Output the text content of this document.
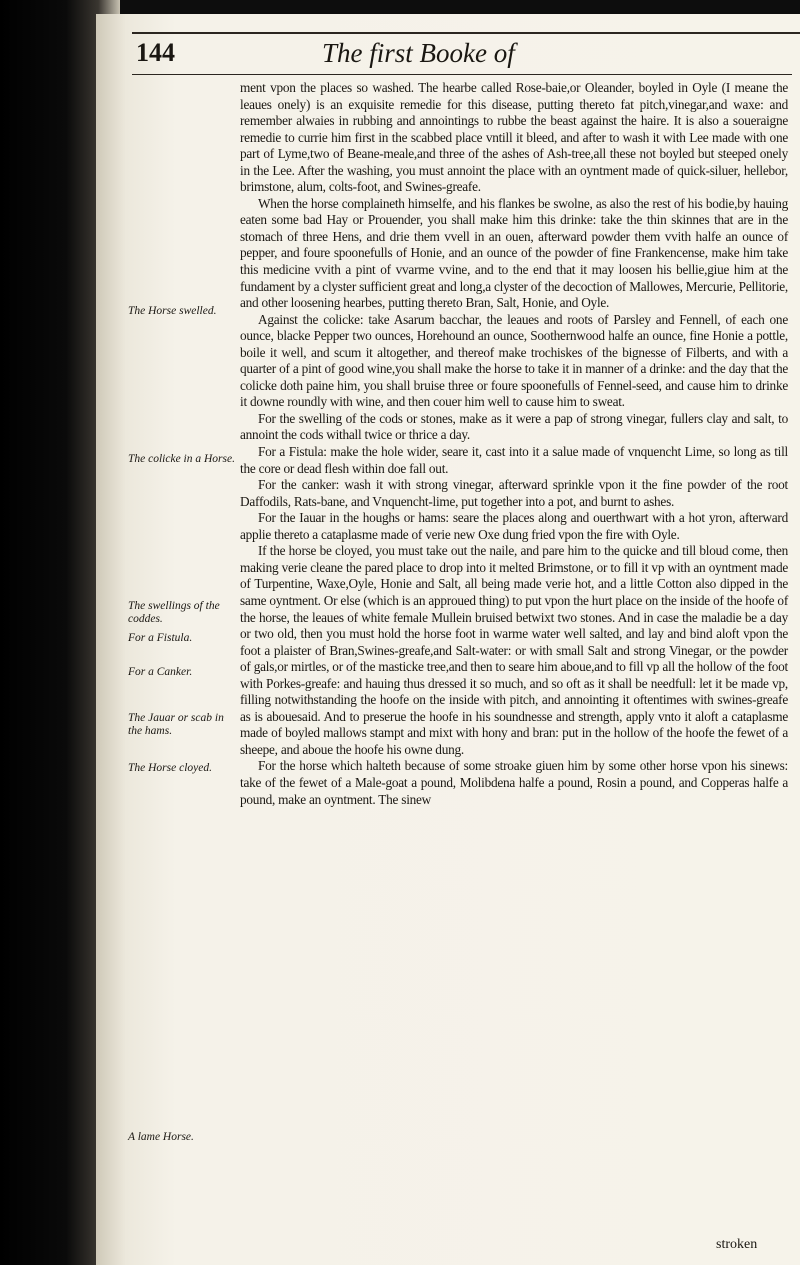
144	The first Booke of
The Horse swelled.
The colicke in a Horse.
The swellings of the coddes.
For a Fistula.
For a Canker.
The Jauar or scab in the hams.
The Horse cloyed.
A lame Horse.

ment vpon the places so washed. The hearbe called Rose-baie,or Oleander, boyled in Oyle (I meane the leaues onely) is an exquisite remedie for this disease, putting thereto fat pitch,vinegar,and waxe: and remember alwaies in rubbing and annointings to rubbe the beast against the haire. It is also a soueraigne remedie to currie him first in the scabbed place vntill it bleed, and after to wash it with Lee made with one part of Lyme,two of Beane-meale,and three of the ashes of Ash-tree,all these not boyled but steeped onely in the Lee. After the washing, you must annoint the place with an oyntment made of quick-siluer, hellebor, brimstone, alum, colts-foot, and Swines-greafe.

When the horse complaineth himselfe, and his flankes be swolne, as also the rest of his bodie,by hauing eaten some bad Hay or Prouender, you shall make him this drinke: take the thin skinnes that are in the stomach of three Hens, and drie them vvell in an ouen, afterward powder them vvith halfe an ounce of pepper, and foure spoonefulls of Honie, and an ounce of the powder of fine Frankencense, make him take this medicine vvith a pint of vvarme vvine, and to the end that it may loosen his bellie,giue him at the fundament by a clyster sufficient great and long,a clyster of the decoction of Mallowes, Mercurie, Pellitorie, and other loosening hearbes, putting thereto Bran, Salt, Honie, and Oyle.

Against the colicke: take Asarum bacchar, the leaues and roots of Parsley and Fennell, of each one ounce, blacke Pepper two ounces, Horehound an ounce, Soothernwood halfe an ounce, fine Honie a pottle, boile it well, and scum it altogether, and thereof make trochiskes of the bignesse of Filberts, and with a quarter of a pint of good wine,you shall make the horse to take it in manner of a drinke: and the day that the colicke doth paine him, you shall bruise three or foure spoonefulls of Fennel-seed, and cause him to drinke it downe roundly with wine, and then couer him well to cause him to sweat.

For the swelling of the cods or stones, make as it were a pap of strong vinegar, fullers clay and salt, to annoint the cods withall twice or thrice a day.

For a Fistula: make the hole wider, seare it, cast into it a salue made of vnquencht Lime, so long as till the core or dead flesh within doe fall out.

For the canker: wash it with strong vinegar, afterward sprinkle vpon it the fine powder of the root Daffodils, Rats-bane, and Vnquencht-lime, put together into a pot, and burnt to ashes.

For the Iauar in the houghs or hams: seare the places along and ouerthwart with a hot yron, afterward applie thereto a cataplasme made of verie new Oxe dung fried vpon the fire with Oyle.

If the horse be cloyed, you must take out the naile, and pare him to the quicke and till bloud come, then making verie cleane the pared place to drop into it melted Brimstone, or to fill it vp with an oyntment made of Turpentine, Waxe,Oyle, Honie and Salt, all being made verie hot, and a little Cotton also dipped in the same oyntment. Or else (which is an approued thing) to put vpon the hurt place on the inside of the hoofe of the horse, the leaues of white female Mullein bruised betwixt two stones. And in case the maladie be a day or two old, then you must hold the horse foot in warme water well salted, and lay and bind aloft vpon the foot a plaister of Bran,Swines-greafe,and Salt-water: or with small Salt and strong Vinegar, or the powder of gals,or mirtles, or of the masticke tree,and then to seare him aboue,and to fill vp all the hollow of the foot with Porkes-greafe: and hauing thus dressed it so much, and so oft as it shall be needfull: let it be made vp, filling notwithstanding the hoofe on the inside with pitch, and annointing it oftentimes with swines-greafe as is abouesaid. And to preserue the hoofe in his soundnesse and strength, apply vnto it aloft a cataplasme made of boyled mallows stampt and mixt with hony and bran: put in the hollow of the hoofe the fewet of a sheepe, and aboue the hoofe his owne dung.

For the horse which halteth because of some stroake giuen him by some other horse vpon his sinews: take of the fewet of a Male-goat a pound, Molibdena halfe a pound, Rosin a pound, and Copperas halfe a pound, make an oyntment. The sinew

stroken
